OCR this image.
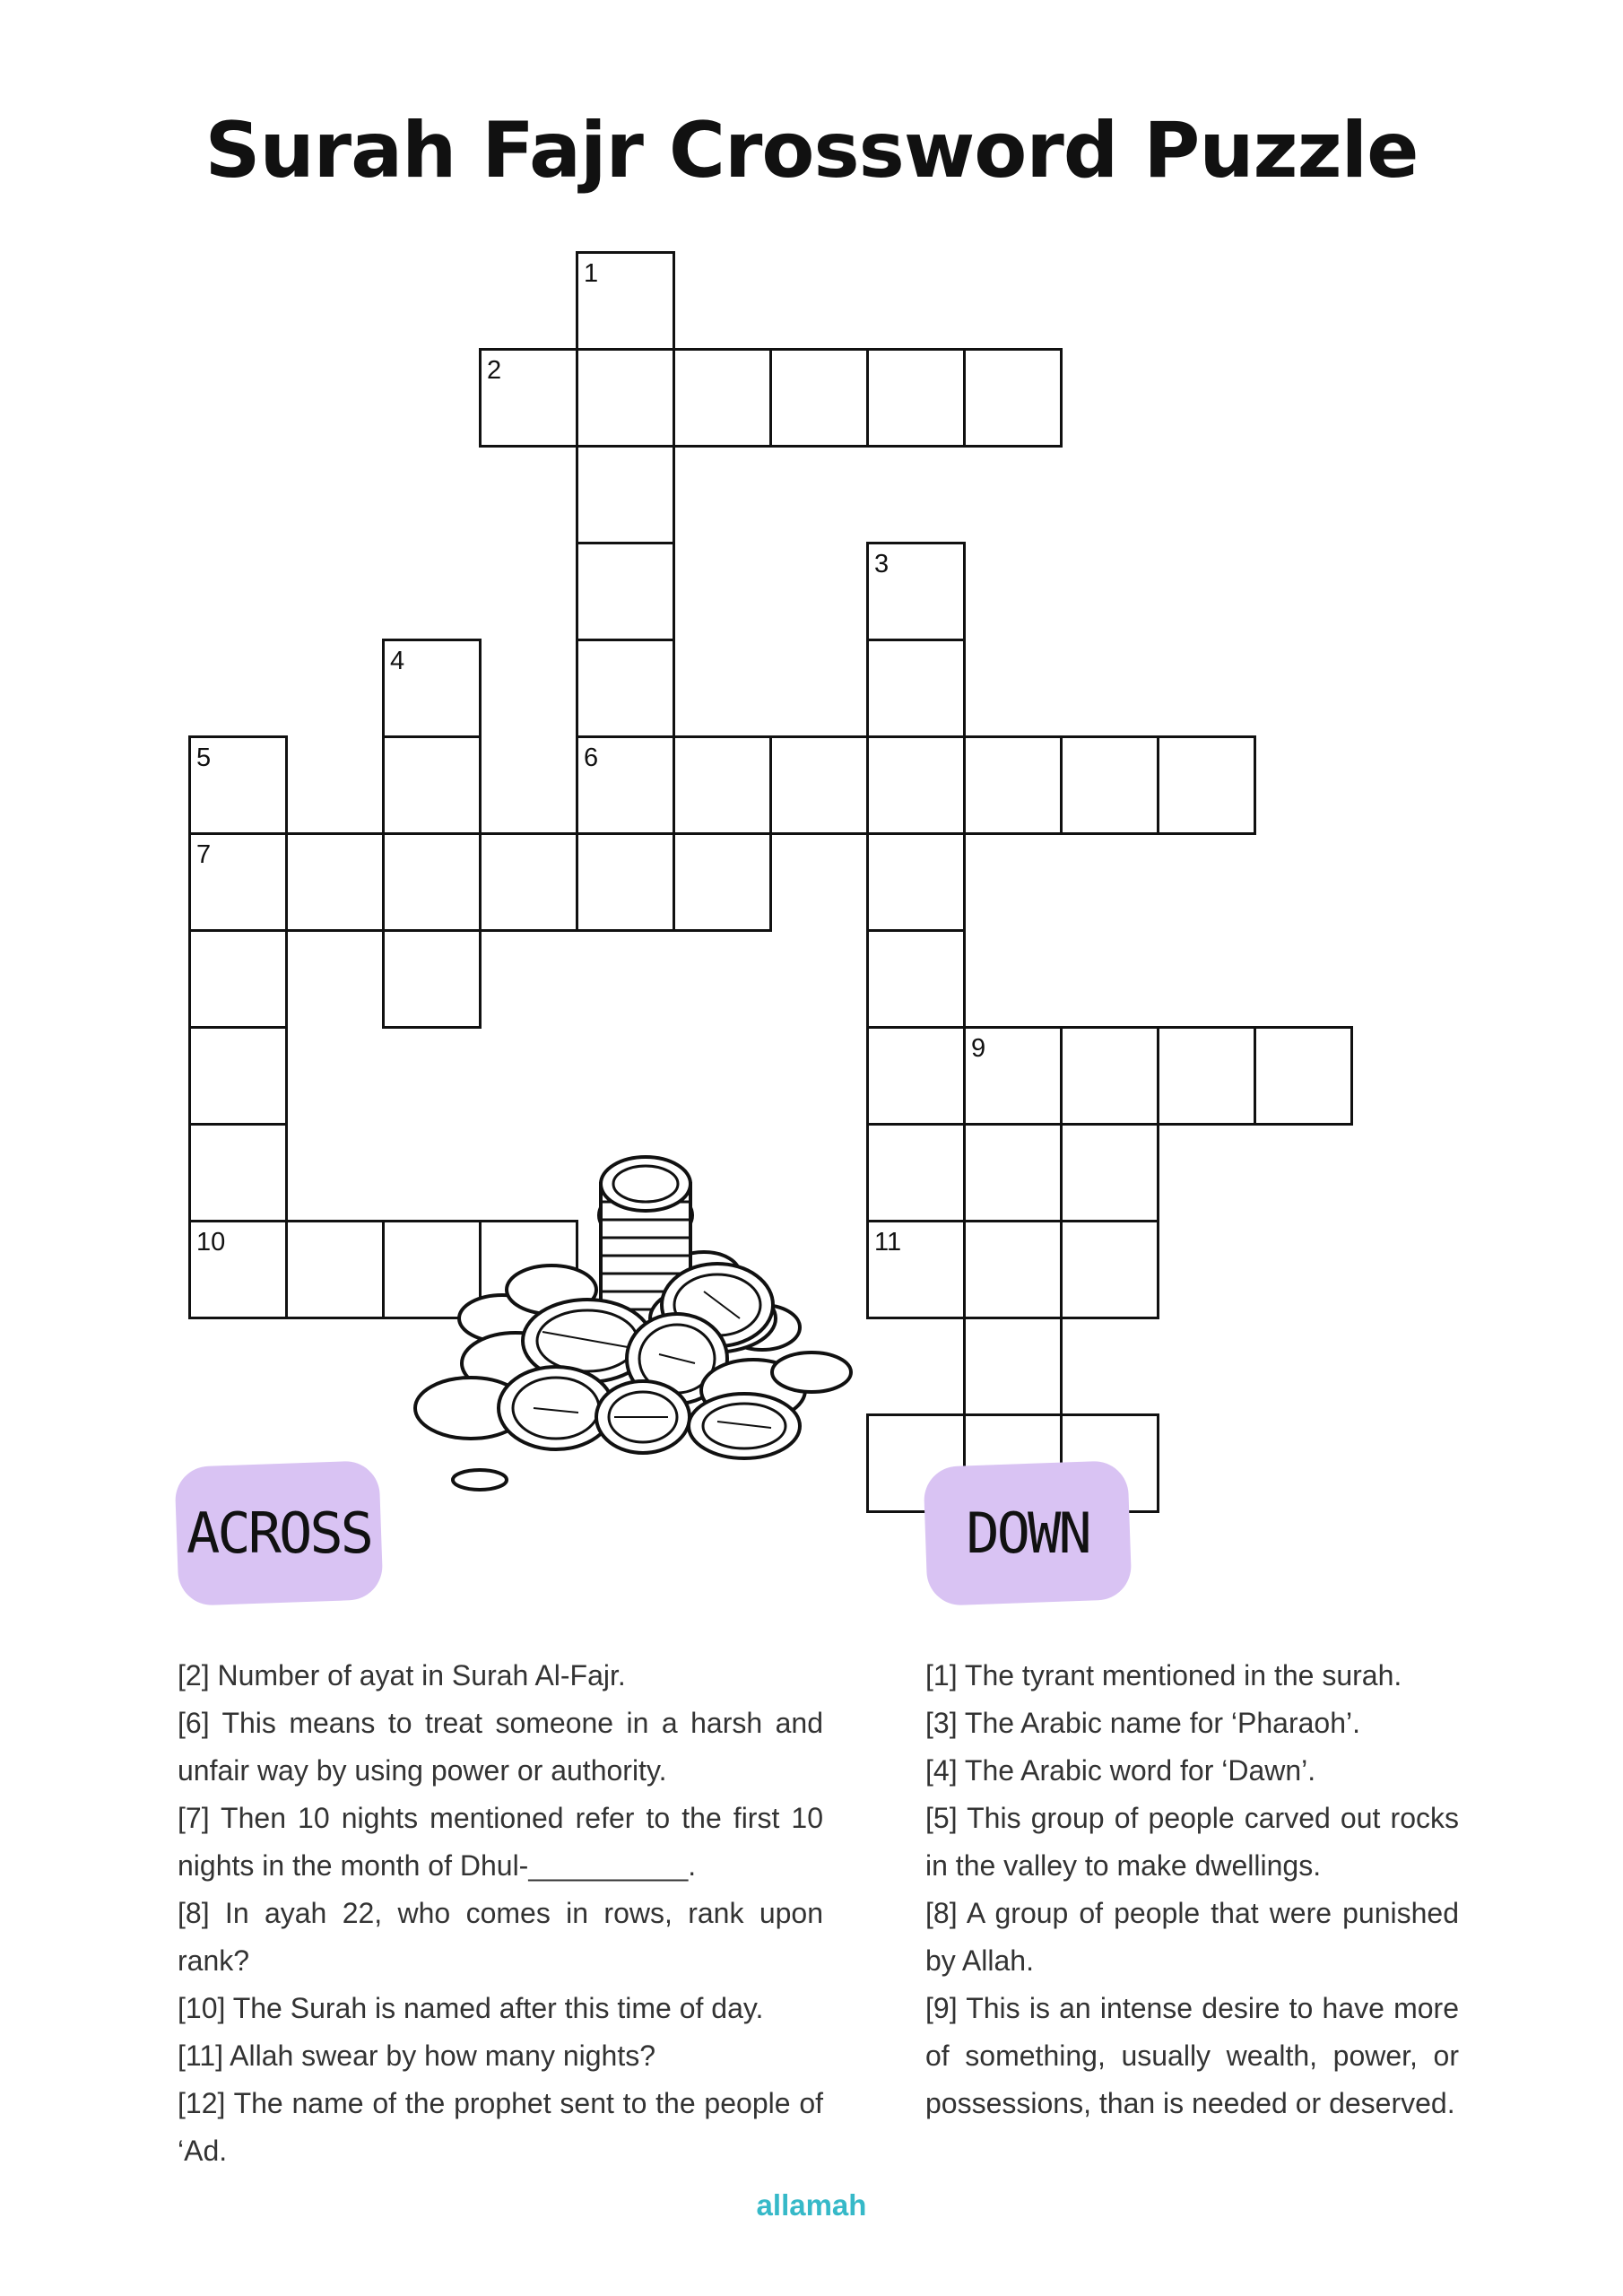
Surah Fajr Crossword Puzzle
1
2
3
4
5	6
7
9
10	11
ACROSS	DOWN

[2] Number of ayat in Surah Al-Fajr.

[6] This means to treat someone in a harsh and unfair way by using power or authority.

[7] Then 10 nights mentioned refer to the first 10 nights in the month of Dhul-__________.

[8] In ayah 22, who comes in rows, rank upon rank?

[10] The Surah is named after this time of day.

[11] Allah swear by how many nights?

[12] The name of the prophet sent to the people of ‘Ad.

[1] The tyrant mentioned in the surah.

[3] The Arabic name for ‘Pharaoh’.

[4] The Arabic word for ‘Dawn’.

[5] This group of people carved out rocks in the valley to make dwellings.

[8] A group of people that were punished by Allah.

[9] This is an intense desire to have more of something, usually wealth, power, or possessions, than is needed or deserved.

allamah
